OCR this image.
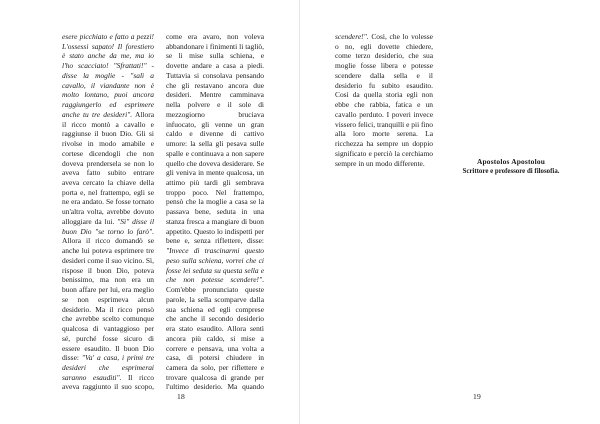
esere picchiato e fatto a pezzi! L'ossessi sapato! Il forestiero è stato anche da me, ma io l'ho scacciato! "Sfrattati!" - disse la moglie - "salì a cavallo, il viandante non è molto lontano, puoi ancora raggiungerlo ed esprimere anche tu tre desideri". Allora il ricco montò a cavallo e raggiunse il buon Dio. Gli si rivolse in modo amabile e cortese dicendogli che non doveva prendersela se non lo aveva fatto subito entrare aveva cercato la chiave della porta e, nel frattempo, egli se ne era andato. Se fosse tornato un'altra volta, avrebbe dovuto alloggiare da lui. "Sì" disse il buon Dio "se torno lo farò". Allora il ricco domandò se anche lui poteva esprimere tre desideri come il suo vicino. Sì, rispose il buon Dio, poteva benissimo, ma non era un buon affare per lui, era meglio se non esprimeva alcun desiderio. Ma il ricco pensò che avrebbe scelto comunque qualcosa di vantaggioso per sé, purché fosse sicuro di essere esaudito. Il buon Dio disse: "Va' a casa, i primi tre desideri che esprimerai saranno esauditi". Il ricco aveva raggiunto il suo scopo,

come era avaro, non voleva abbandonare i finimenti li tagliò, se li mise sulla schiena, e dovette andare a casa a piedi. Tuttavia si consolava pensando che gli restavano ancora due desideri. Mentre camminava nella polvere e il sole di mezzogiorno bruciava infuocato, gli venne un gran caldo e divenne di cattivo umore: la sella gli pesava sulle spalle e continuava a non sapere quello che doveva desiderare. Se gli veniva in mente qualcosa, un attimo più tardi gli sembrava troppo poco. Nel frattempo, pensò che la moglie a casa se la passava bene, seduta in una stanza fresca a mangiare di buon appetito. Questo lo indispettì per bene e, senza riflettere, disse: "Invece di trascinarmi questo peso sulla schiena, vorrei che ci fosse lei seduta su questa sella e che non potesse scendere!". Com'ebbe pronunciato queste parole, la sella scomparve dalla sua schiena ed egli comprese che anche il secondo desiderio era stato esaudito. Allora sentì ancora più caldo, si mise a correre e pensava, una volta a casa, di potersi chiudere in camera da solo, per riflettere e trovare qualcosa di grande per l'ultimo desiderio. Ma quando

scendere!". Così, che lo volesse o no, egli dovette chiedere, come terzo desiderio, che sua moglie fosse libera e potesse scendere dalla sella e il desiderio fu subito esaudito. Così da quella storia egli non ebbe che rabbia, fatica e un cavallo perduto. I poveri invece vissero felici, tranquilli e pii fino alla loro morte serena. La ricchezza ha sempre un doppio significato e perciò la cerchiamo sempre in un modo differente.	Apostolos Apostolou
Scrittore e professore di filosofia.
18	19
